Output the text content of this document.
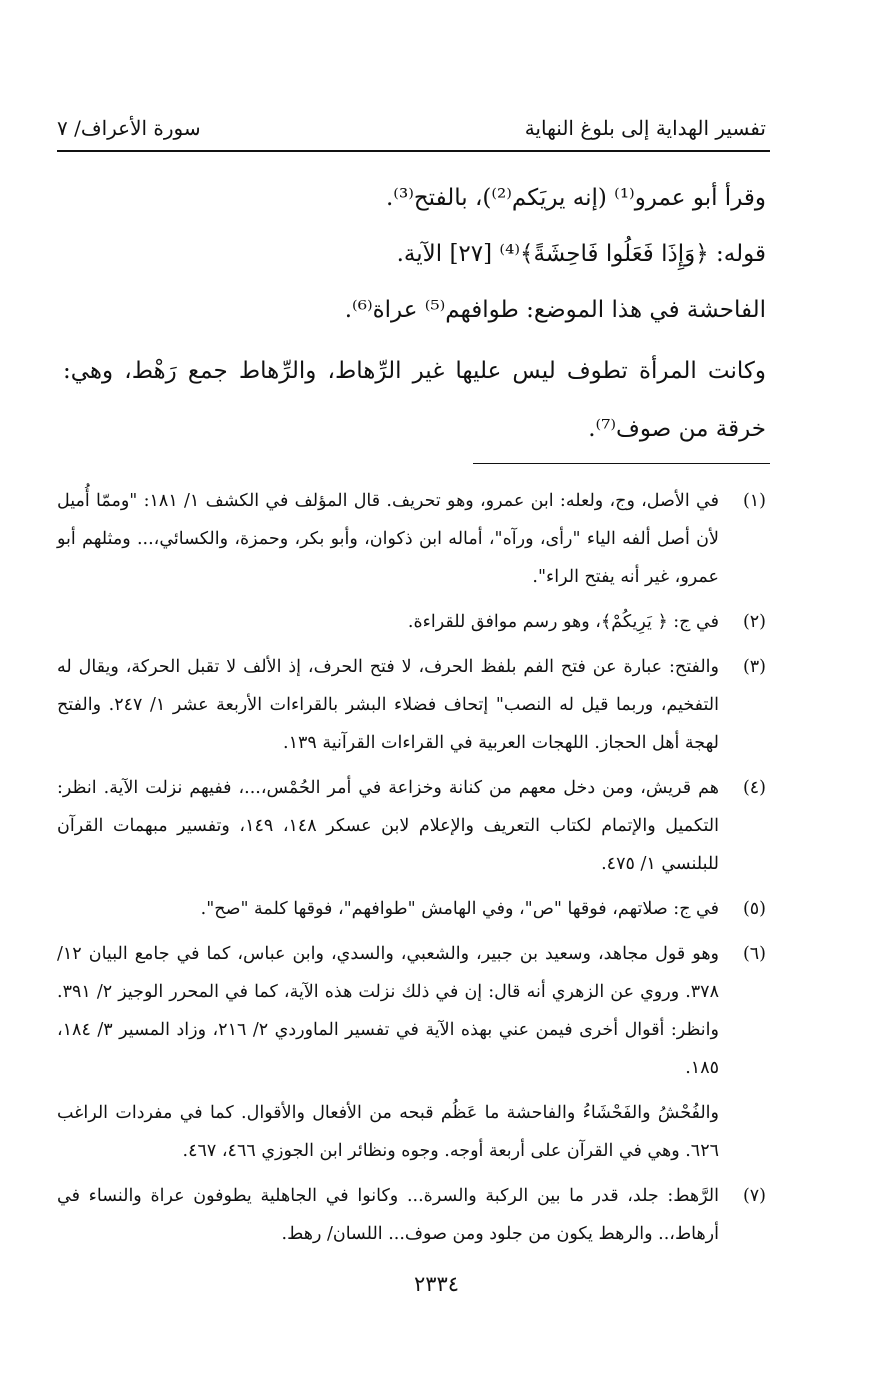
تفسير الهداية إلى بلوغ النهاية
سورة الأعراف/ ٧

وقرأ أبو عمرو⁽¹⁾ (إنه يريَكم⁽²⁾)، بالفتح⁽³⁾.

قوله: ﴿وَإِذَا فَعَلُوا فَاحِشَةً﴾⁽⁴⁾ [٢٧] الآية.

الفاحشة في هذا الموضع: طوافهم⁽⁵⁾ عراة⁽⁶⁾.

وكانت المرأة تطوف ليس عليها غير الرِّهاط، والرِّهاط جمع رَهْط، وهي: خرقة من صوف⁽⁷⁾.

(١)

في الأصل، وج، ولعله: ابن عمرو، وهو تحريف. قال المؤلف في الكشف ١/ ١٨١: "وممّا أُميل لأن أصل ألفه الياء "رأى، ورآه"، أماله ابن ذكوان، وأبو بكر، وحمزة، والكسائي،... ومثلهم أبو عمرو، غير أنه يفتح الراء".

(٢)

في ج: ﴿ يَرِيكُمْ﴾، وهو رسم موافق للقراءة.

(٣)

والفتح: عبارة عن فتح الفم بلفظ الحرف، لا فتح الحرف، إذ الألف لا تقبل الحركة، ويقال له التفخيم، وربما قيل له النصب" إتحاف فضلاء البشر بالقراءات الأربعة عشر ١/ ٢٤٧. والفتح لهجة أهل الحجاز. اللهجات العربية في القراءات القرآنية ١٣٩.

(٤)

هم قريش، ومن دخل معهم من كنانة وخزاعة في أمر الحُمْس،...، ففيهم نزلت الآية. انظر: التكميل والإتمام لكتاب التعريف والإعلام لابن عسكر ١٤٨، ١٤٩، وتفسير مبهمات القرآن للبلنسي ١/ ٤٧٥.

(٥)

في ج: صلاتهم، فوقها "ص"، وفي الهامش "طوافهم"، فوقها كلمة "صح".

(٦)

وهو قول مجاهد، وسعيد بن جبير، والشعبي، والسدي، وابن عباس، كما في جامع البيان ١٢/ ٣٧٨. وروي عن الزهري أنه قال: إن في ذلك نزلت هذه الآية، كما في المحرر الوجيز ٢/ ٣٩١. وانظر: أقوال أخرى فيمن عني بهذه الآية في تفسير الماوردي ٢/ ٢١٦، وزاد المسير ٣/ ١٨٤، ١٨٥.

والفُحْشُ والفَحْشَاءُ والفاحشة ما عَظُم قبحه من الأفعال والأقوال. كما في مفردات الراغب ٦٢٦. وهي في القرآن على أربعة أوجه. وجوه ونظائر ابن الجوزي ٤٦٦، ٤٦٧.

(٧)

الرَّهط: جلد، قدر ما بين الركبة والسرة... وكانوا في الجاهلية يطوفون عراة والنساء في أرهاط،.. والرهط يكون من جلود ومن صوف... اللسان/ رهط.

٢٣٣٤
